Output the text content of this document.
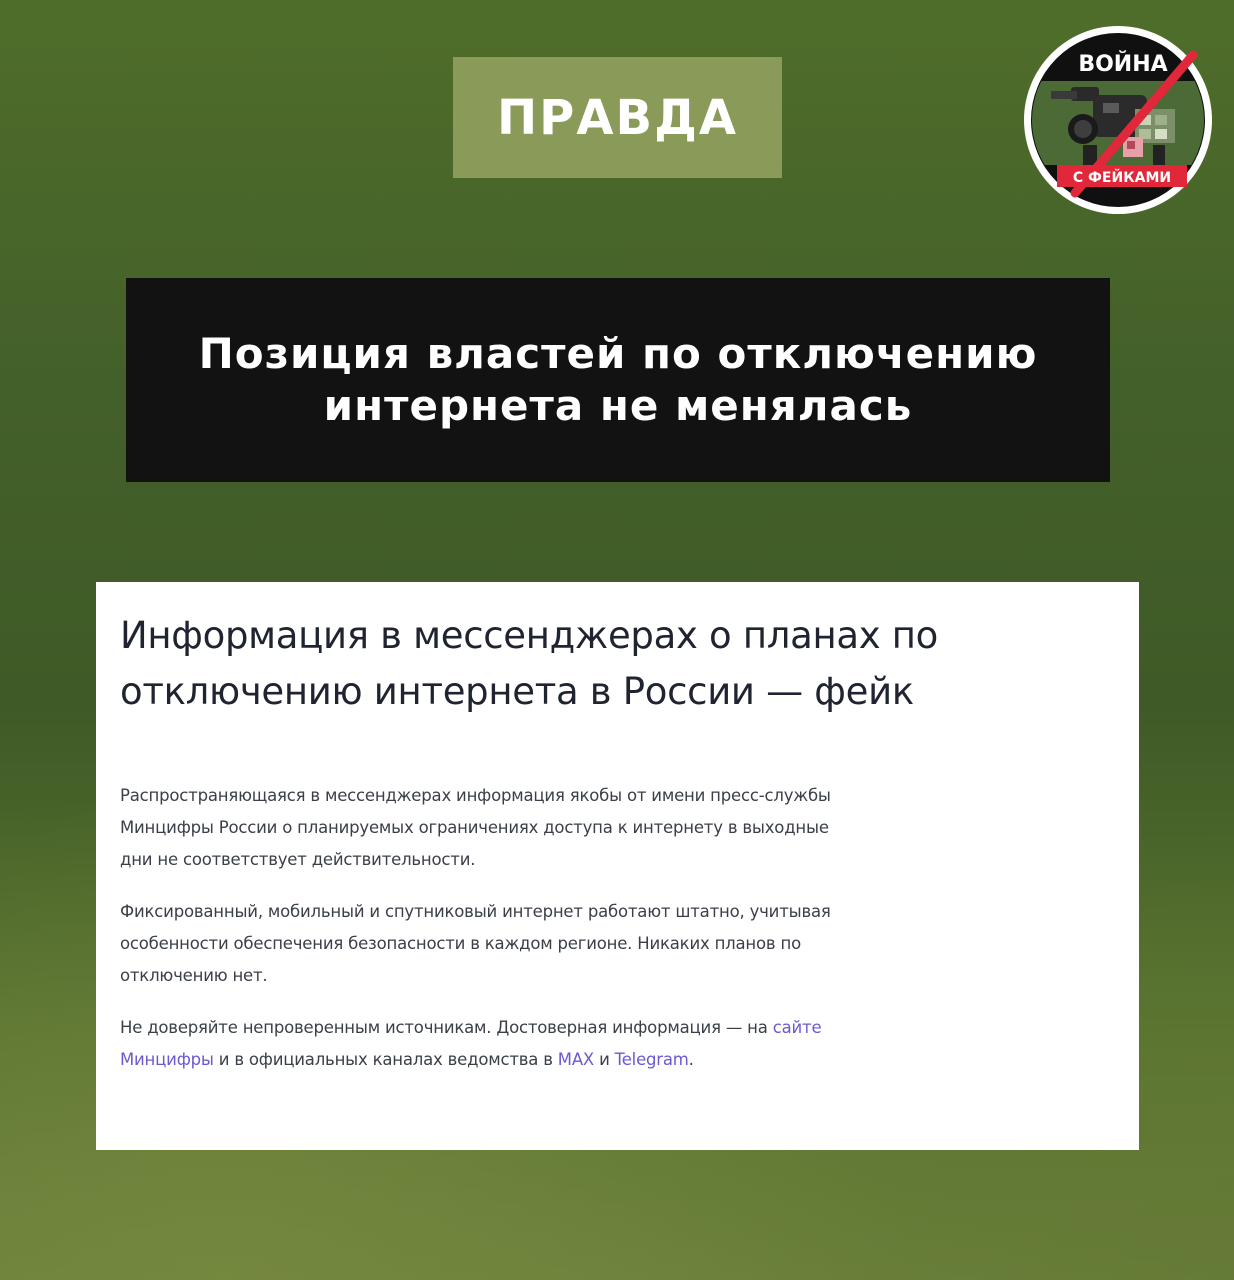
ПРАВДА
ВОЙНА
С ФЕЙКАМИ
Позиция властей по отключению
интернета не менялась
Информация в мессенджерах о планах по
отключению интернета в России — фейк

Распространяющаяся в мессенджерах информация якобы от имени пресс-службы
Минцифры России о планируемых ограничениях доступа к интернету в выходные
дни не соответствует действительности.

Фиксированный, мобильный и спутниковый интернет работают штатно, учитывая
особенности обеспечения безопасности в каждом регионе. Никаких планов по
отключению нет.

Не доверяйте непроверенным источникам. Достоверная информация — на сайте
Минцифры и в официальных каналах ведомства в MAX и Telegram.
